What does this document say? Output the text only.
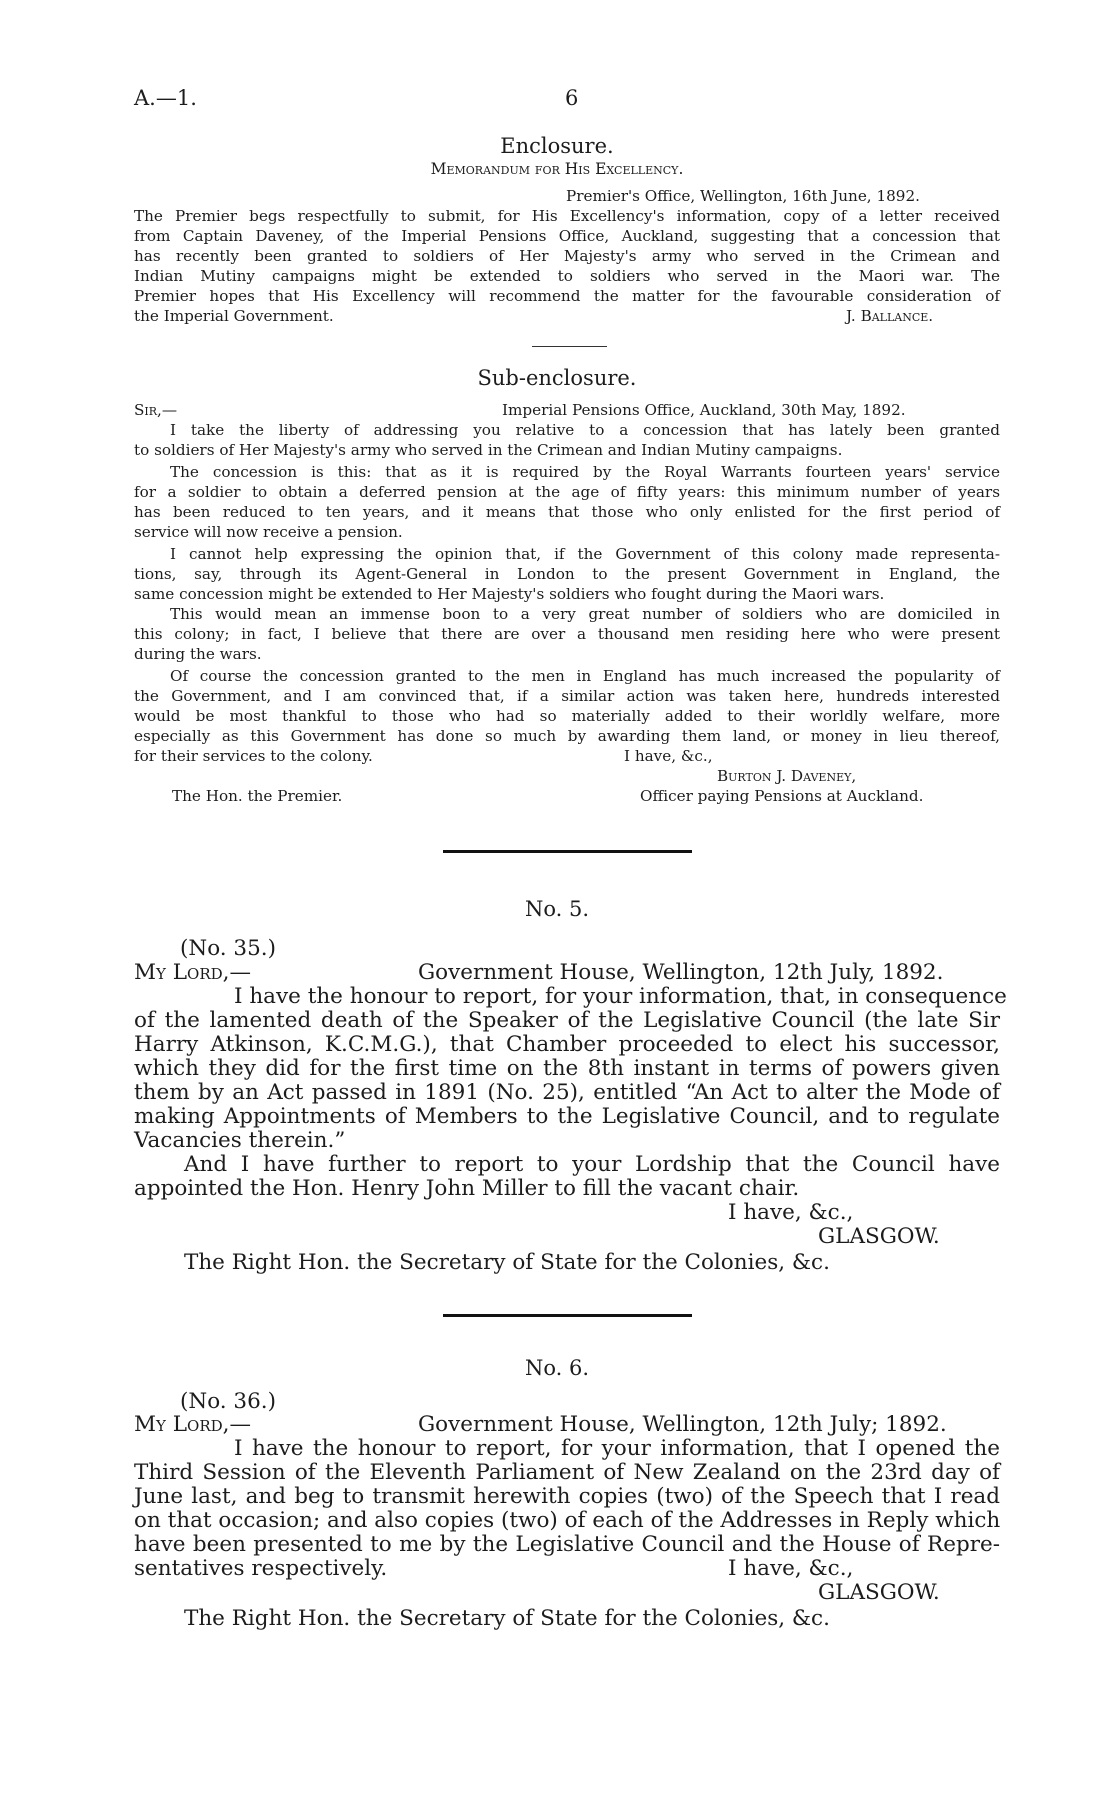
A.—1.	6
Enclosure.
Memorandum for His Excellency.
Premier's Office, Wellington, 16th June, 1892.
The Premier begs respectfully to submit, for His Excellency's information, copy of a letter received
from Captain Daveney, of the Imperial Pensions Office, Auckland, suggesting that a concession that
has recently been granted to soldiers of Her Majesty's army who served in the Crimean and
Indian Mutiny campaigns might be extended to soldiers who served in the Maori war. The
Premier hopes that His Excellency will recommend the matter for the favourable consideration of
the Imperial Government.	J. Ballance.
Sub-enclosure.
Sir,—	Imperial Pensions Office, Auckland, 30th May, 1892.
I take the liberty of addressing you relative to a concession that has lately been granted
to soldiers of Her Majesty's army who served in the Crimean and Indian Mutiny campaigns.
The concession is this: that as it is required by the Royal Warrants fourteen years' service
for a soldier to obtain a deferred pension at the age of fifty years: this minimum number of years
has been reduced to ten years, and it means that those who only enlisted for the first period of
service will now receive a pension.
I cannot help expressing the opinion that, if the Government of this colony made representa-
tions, say, through its Agent-General in London to the present Government in England, the
same concession might be extended to Her Majesty's soldiers who fought during the Maori wars.
This would mean an immense boon to a very great number of soldiers who are domiciled in
this colony; in fact, I believe that there are over a thousand men residing here who were present
during the wars.
Of course the concession granted to the men in England has much increased the popularity of
the Government, and I am convinced that, if a similar action was taken here, hundreds interested
would be most thankful to those who had so materially added to their worldly welfare, more
especially as this Government has done so much by awarding them land, or money in lieu thereof,
for their services to the colony.	I have, &c.,
Burton J. Daveney,
The Hon. the Premier.	Officer paying Pensions at Auckland.
No. 5.
(No. 35.)
My Lord,—	Government House, Wellington, 12th July, 1892.
I have the honour to report, for your information, that, in consequence
of the lamented death of the Speaker of the Legislative Council (the late Sir
Harry Atkinson, K.C.M.G.), that Chamber proceeded to elect his successor,
which they did for the first time on the 8th instant in terms of powers given
them by an Act passed in 1891 (No. 25), entitled “An Act to alter the Mode of
making Appointments of Members to the Legislative Council, and to regulate
Vacancies therein.”
And I have further to report to your Lordship that the Council have
appointed the Hon. Henry John Miller to fill the vacant chair.
I have, &c.,
GLASGOW.
The Right Hon. the Secretary of State for the Colonies, &c.
No. 6.
(No. 36.)
My Lord,—	Government House, Wellington, 12th July; 1892.
I have the honour to report, for your information, that I opened the
Third Session of the Eleventh Parliament of New Zealand on the 23rd day of
June last, and beg to transmit herewith copies (two) of the Speech that I read
on that occasion; and also copies (two) of each of the Addresses in Reply which
have been presented to me by the Legislative Council and the House of Repre-
sentatives respectively.	I have, &c.,
GLASGOW.
The Right Hon. the Secretary of State for the Colonies, &c.
